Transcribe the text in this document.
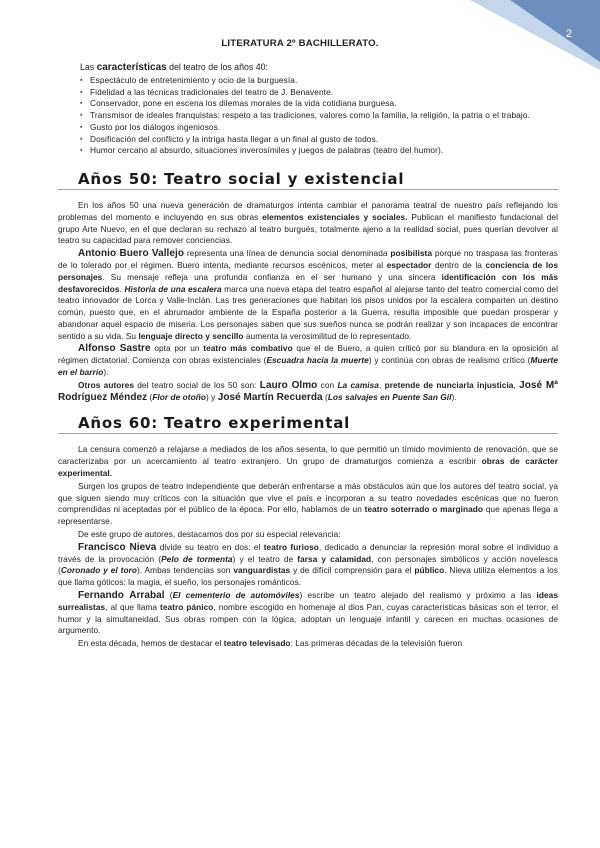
2
LITERATURA 2º BACHILLERATO.
Las características del teatro de los años 40:
▪ Espectáculo de entretenimiento y ocio de la burguesía.
▪ Fidelidad a las técnicas tradicionales del teatro de J. Benavente.
▪ Conservador, pone en escena los dilemas morales de la vida cotidiana burguesa.
▪ Transmisor de ideales franquistas: respeto a las tradiciones, valores como la familia, la religión, la patria o el trabajo.
▪ Gusto por los diálogos ingeniosos.
▪ Dosificación del conflicto y la intriga hasta llegar a un final al gusto de todos.
▪ Humor cercano al absurdo, situaciones inverosímiles y juegos de palabras (teatro del humor).
Años 50: Teatro social y existencial

En los años 50 una nueva generación de dramaturgos intenta cambiar el panorama teatral de nuestro país reflejando los problemas del momento e incluyendo en sus obras elementos existenciales y sociales. Publican el manifiesto fundacional del grupo Arte Nuevo, en el que declaran su rechazo al teatro burgués, totalmente ajeno a la realidad social, pues querían devolver al teatro su capacidad para remover conciencias.

Antonio Buero Vallejo representa una línea de denuncia social denominada posibilista porque no traspasa las fronteras de lo tolerado por el régimen. Buero intenta, mediante recursos escénicos, meter al espectador dentro de la conciencia de los personajes. Su mensaje refleja una profunda confianza en el ser humano y una sincera identificación con los más desfavorecidos. Historia de una escalera marca una nueva etapa del teatro español al alejarse tanto del teatro comercial como del teatro innovador de Lorca y Valle-Inclán. Las tres generaciones que habitan los pisos unidos por la escalera comparten un destino común, puesto que, en el abrumador ambiente de la España posterior a la Guerra, resulta imposible que puedan prosperar y abandonar aquel espacio de miseria. Los personajes saben que sus sueños nunca se podrán realizar y son incapaces de encontrar sentido a su vida. Su lenguaje directo y sencillo aumenta la verosimilitud de lo representado.

Alfonso Sastre opta por un teatro más combativo que el de Buero, a quien criticó por su blandura en la oposición al régimen dictatorial. Comienza con obras existenciales (Escuadra hacia la muerte) y continúa con obras de realismo crítico (Muerte en el barrio).

Otros autores del teatro social de los 50 son: Lauro Olmo con La camisa, pretende de nunciarla injusticia, José Mª Rodríguez Méndez (Flor de otoño) y José Martín Recuerda (Los salvajes en Puente San Gil).

Años 60: Teatro experimental

La censura comenzó a relajarse a mediados de los años sesenta, lo que permitió un tímido movimiento de renovación, que se caracterizaba por un acercamiento al teatro extranjero. Un grupo de dramaturgos comienza a escribir obras de carácter experimental.

Surgen los grupos de teatro independiente que deberán enfrentarse a más obstáculos aún que los autores del teatro social, ya que siguen siendo muy críticos con la situación que vive el país e incorporan a su teatro novedades escénicas que no fueron comprendidas ni aceptadas por el público de la época. Por ello, hablamos de un teatro soterrado o marginado que apenas llega a representarse.

De este grupo de autores, destacamos dos por su especial relevancia:

Francisco Nieva divide su teatro en dos: el teatro furioso, dedicado a denunciar la represión moral sobre el individuo a través de la provocación (Pelo de tormenta) y el teatro de farsa y calamidad, con personajes simbólicos y acción novelesca (Coronado y el toro). Ambas tendencias son vanguardistas y de difícil comprensión para el público. Nieva utiliza elementos a los que llama góticos: la magia, el sueño, los personajes románticos.

Fernando Arrabal (El cementerio de automóviles) escribe un teatro alejado del realismo y próximo a las ideas surrealistas, al que llama teatro pánico, nombre escogido en homenaje al dios Pan, cuyas características básicas son el terror, el humor y la simultaneidad. Sus obras rompen con la lógica, adoptan un lenguaje infantil y carecen en muchas ocasiones de argumento.

En esta década, hemos de destacar el teatro televisado: Las primeras décadas de la televisión fueron
